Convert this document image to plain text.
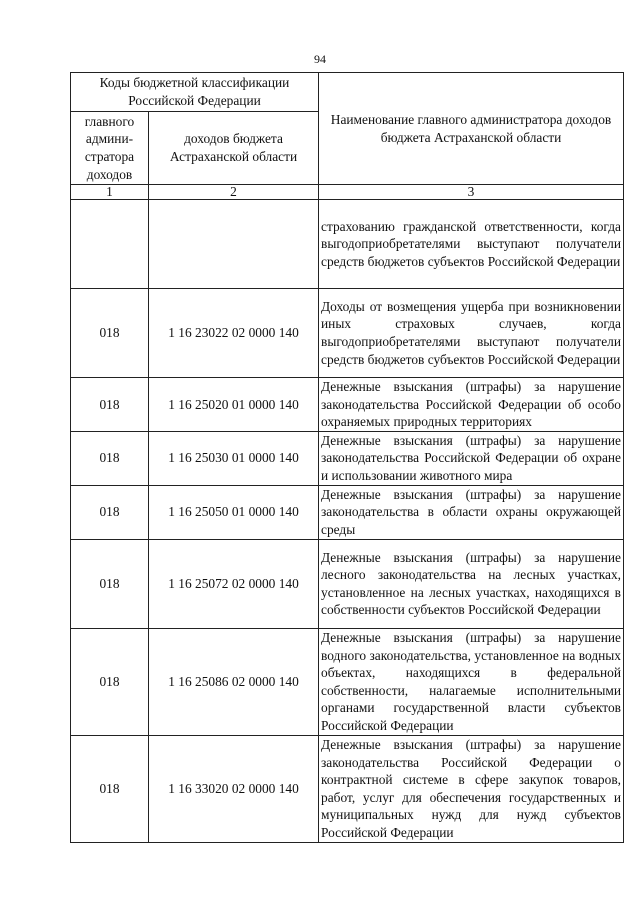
94
Коды бюджетной классификации Российской Федерации		Наименование главного администратора доходов бюджета Астраханской области
главного админи-стратора доходов	доходов бюджета Астраханской области	
1	2	3
		страхованию гражданской ответственности, когда выгодоприобретателями выступают получатели средств бюджетов субъектов Российской Федерации
018	1 16 23022 02 0000 140	Доходы от возмещения ущерба при возникновении иных страховых случаев, когда выгодоприобретателями выступают получатели средств бюджетов субъектов Российской Федерации
018	1 16 25020 01 0000 140	Денежные взыскания (штрафы) за нарушение законодательства Российской Федерации об особо охраняемых природных территориях
018	1 16 25030 01 0000 140	Денежные взыскания (штрафы) за нарушение законодательства Российской Федерации об охране и использовании животного мира
018	1 16 25050 01 0000 140	Денежные взыскания (штрафы) за нарушение законодательства в области охраны окружающей среды
018	1 16 25072 02 0000 140	Денежные взыскания (штрафы) за нарушение лесного законодательства на лесных участках, установленное на лесных участках, находящихся в собственности субъектов Российской Федерации
018	1 16 25086 02 0000 140	Денежные взыскания (штрафы) за нарушение водного законодательства, установленное на водных объектах, находящихся в федеральной собственности, налагаемые исполнительными органами государственной власти субъектов Российской Федерации
018	1 16 33020 02 0000 140	Денежные взыскания (штрафы) за нарушение законодательства Российской Федерации о контрактной системе в сфере закупок товаров, работ, услуг для обеспечения государственных и муниципальных нужд для нужд субъектов Российской Федерации
